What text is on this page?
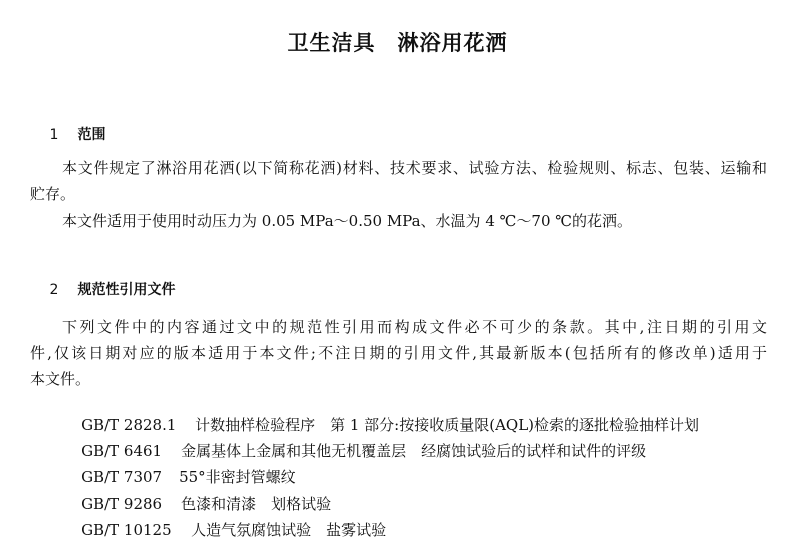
卫生洁具　淋浴用花洒

1 范围

本文件规定了淋浴用花洒(以下简称花洒)材料、技术要求、试验方法、检验规则、标志、包装、运输和
贮存。
本文件适用于使用时动压力为 0.05 MPa～0.50 MPa、水温为 4 ℃～70 ℃的花洒。

2 规范性引用文件

下列文件中的内容通过文中的规范性引用而构成文件必不可少的条款。其中,注日期的引用文
件,仅该日期对应的版本适用于本文件;不注日期的引用文件,其最新版本(包括所有的修改单)适用于
本文件。

GB/T 2828.1 计数抽样检验程序　第 1 部分:按接收质量限(AQL)检索的逐批检验抽样计划

GB/T 6461 金属基体上金属和其他无机覆盖层　经腐蚀试验后的试样和试件的评级

GB/T 7307 55°非密封管螺纹

GB/T 9286 色漆和清漆　划格试验

GB/T 10125 人造气氛腐蚀试验　盐雾试验
